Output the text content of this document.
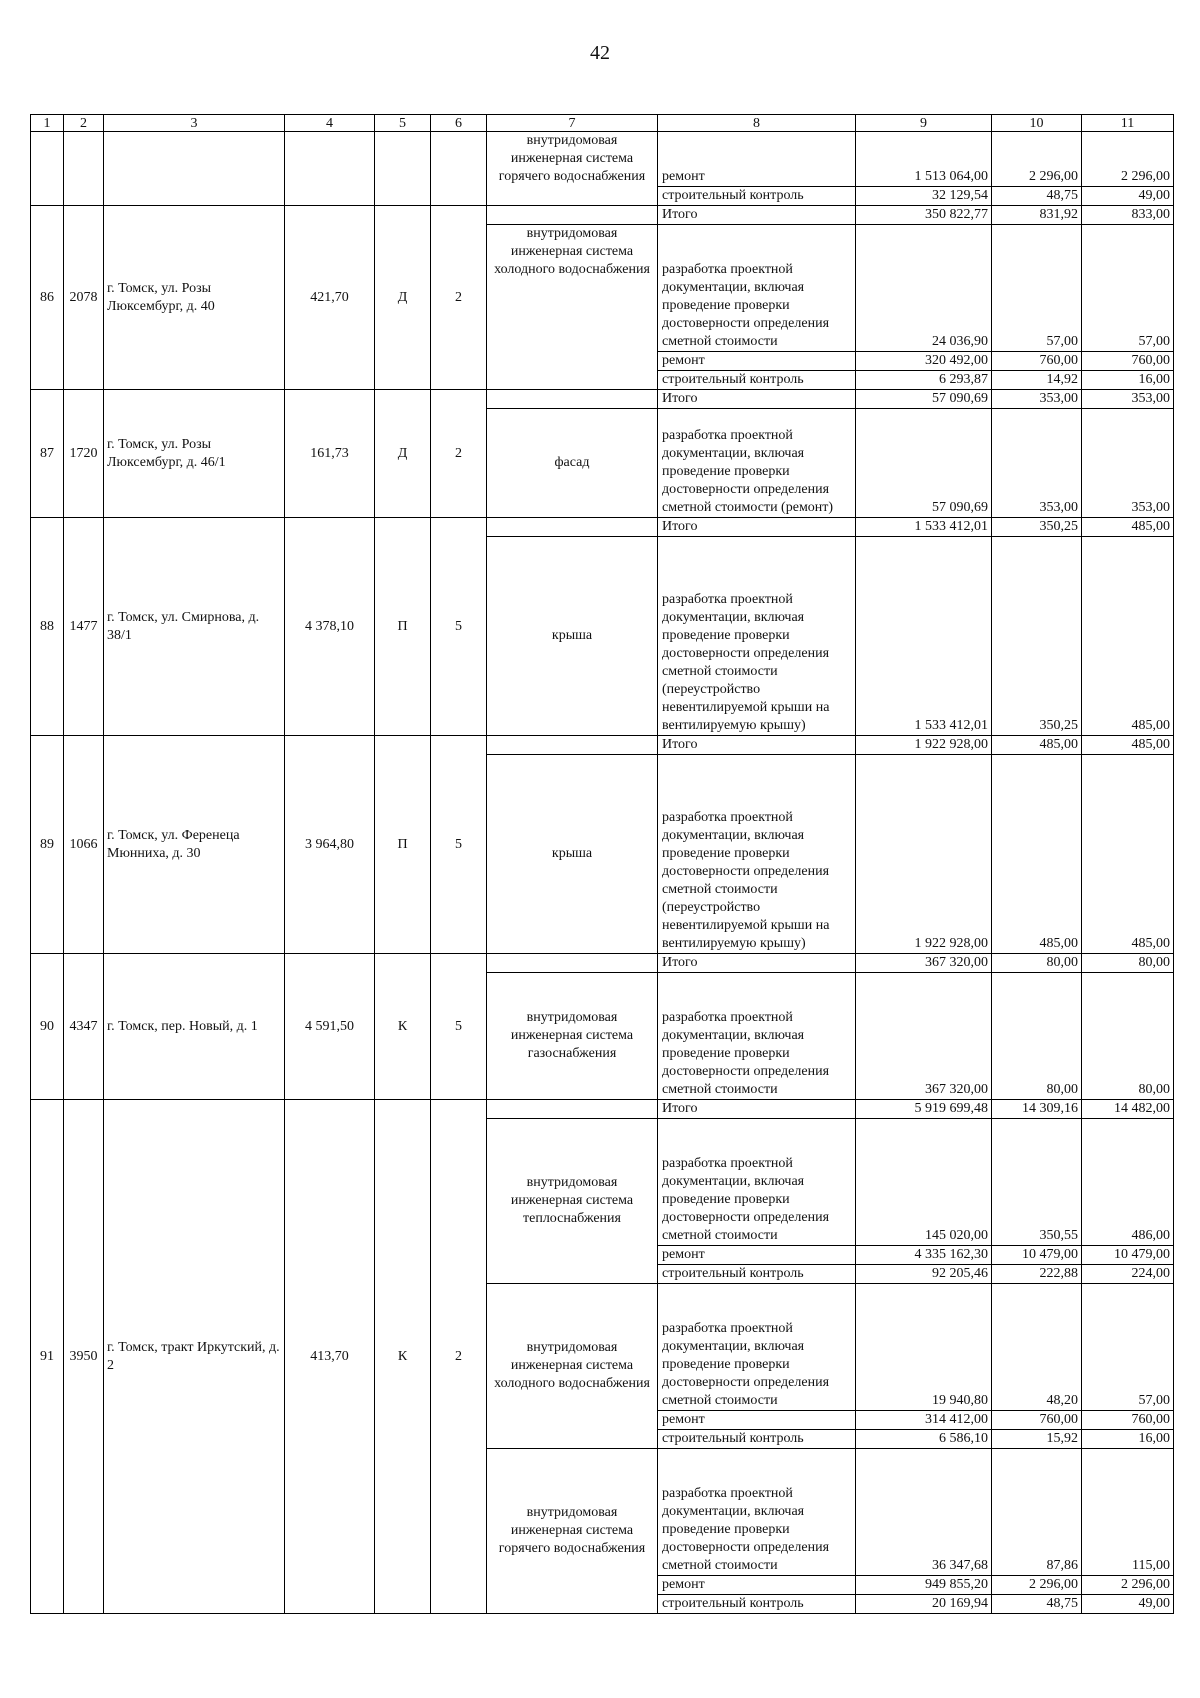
42
1	2	3	4	5	6	7	8	9	10	11
						внутридомовая инженерная система горячего водоснабжения	ремонт	1 513 064,00	2 296,00	2 296,00
							строительный контроль	32 129,54	48,75	49,00
86	2078	г. Томск, ул. Розы Люксембург, д. 40	421,70	Д	2		Итого	350 822,77	831,92	833,00
						внутридомовая инженерная система холодного водоснабжения	разработка проектной документации, включая проведение проверки достоверности определения сметной стоимости	24 036,90	57,00	57,00
							ремонт	320 492,00	760,00	760,00
							строительный контроль	6 293,87	14,92	16,00
87	1720	г. Томск, ул. Розы Люксембург, д. 46/1	161,73	Д	2		Итого	57 090,69	353,00	353,00
						фасад	разработка проектной документации, включая проведение проверки достоверности определения сметной стоимости (ремонт)	57 090,69	353,00	353,00
88	1477	г. Томск, ул. Смирнова, д. 38/1	4 378,10	П	5		Итого	1 533 412,01	350,25	485,00
						крыша	разработка проектной документации, включая проведение проверки достоверности определения сметной стоимости (переустройство невентилируемой крыши на вентилируемую крышу)	1 533 412,01	350,25	485,00
89	1066	г. Томск, ул. Ференеца Мюнниха, д. 30	3 964,80	П	5		Итого	1 922 928,00	485,00	485,00
						крыша	разработка проектной документации, включая проведение проверки достоверности определения сметной стоимости (переустройство невентилируемой крыши на вентилируемую крышу)	1 922 928,00	485,00	485,00
90	4347	г. Томск, пер. Новый, д. 1	4 591,50	К	5		Итого	367 320,00	80,00	80,00
						внутридомовая инженерная система газоснабжения	разработка проектной документации, включая проведение проверки достоверности определения сметной стоимости	367 320,00	80,00	80,00
91	3950	г. Томск, тракт Иркутский, д. 2	413,70	К	2		Итого	5 919 699,48	14 309,16	14 482,00
						внутридомовая инженерная система теплоснабжения	разработка проектной документации, включая проведение проверки достоверности определения сметной стоимости	145 020,00	350,55	486,00
							ремонт	4 335 162,30	10 479,00	10 479,00
							строительный контроль	92 205,46	222,88	224,00
						внутридомовая инженерная система холодного водоснабжения	разработка проектной документации, включая проведение проверки достоверности определения сметной стоимости	19 940,80	48,20	57,00
							ремонт	314 412,00	760,00	760,00
							строительный контроль	6 586,10	15,92	16,00
						внутридомовая инженерная система горячего водоснабжения	разработка проектной документации, включая проведение проверки достоверности определения сметной стоимости	36 347,68	87,86	115,00
							ремонт	949 855,20	2 296,00	2 296,00
							строительный контроль	20 169,94	48,75	49,00
